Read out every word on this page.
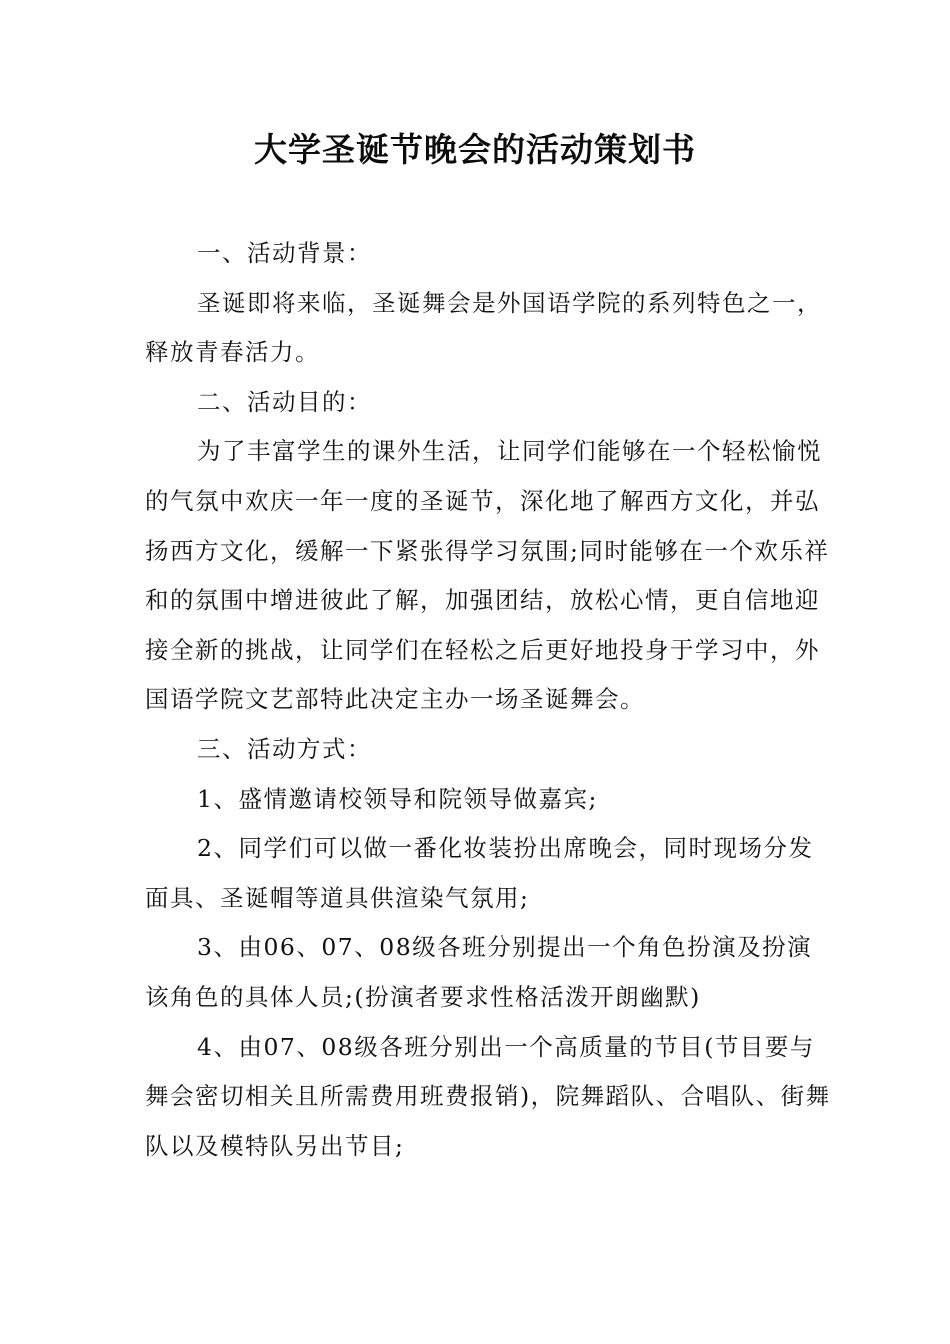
大学圣诞节晚会的活动策划书

一、活动背景：

圣诞即将来临，圣诞舞会是外国语学院的系列特色之一，释放青春活力。

二、活动目的：

为了丰富学生的课外生活，让同学们能够在一个轻松愉悦的气氛中欢庆一年一度的圣诞节，深化地了解西方文化，并弘扬西方文化，缓解一下紧张得学习氛围;同时能够在一个欢乐祥和的氛围中增进彼此了解，加强团结，放松心情，更自信地迎接全新的挑战，让同学们在轻松之后更好地投身于学习中，外国语学院文艺部特此决定主办一场圣诞舞会。

三、活动方式：

1、盛情邀请校领导和院领导做嘉宾;

2、同学们可以做一番化妆装扮出席晚会，同时现场分发面具、圣诞帽等道具供渲染气氛用;

3、由06、07、08级各班分别提出一个角色扮演及扮演该角色的具体人员;(扮演者要求性格活泼开朗幽默)

4、由07、08级各班分别出一个高质量的节目(节目要与舞会密切相关且所需费用班费报销)，院舞蹈队、合唱队、街舞队以及模特队另出节目;
